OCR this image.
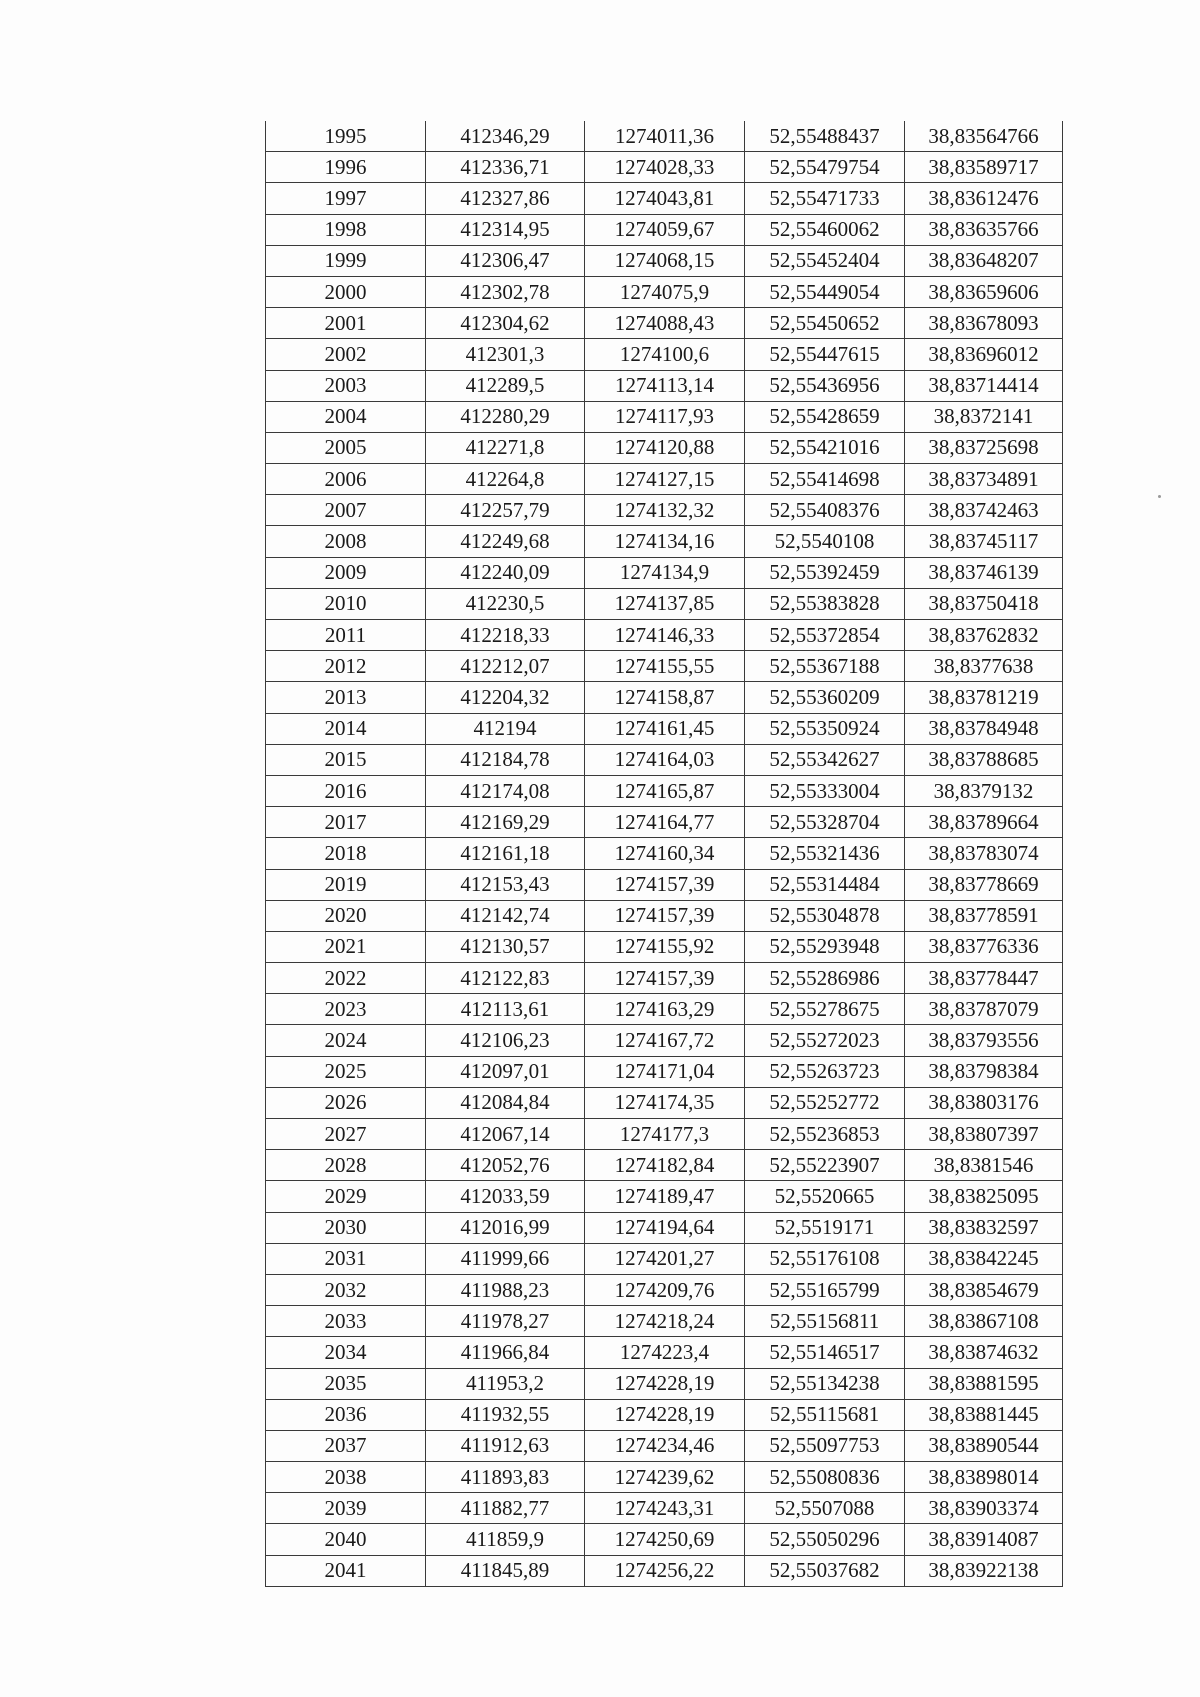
1995	412346,29	1274011,36	52,55488437	38,83564766
1996	412336,71	1274028,33	52,55479754	38,83589717
1997	412327,86	1274043,81	52,55471733	38,83612476
1998	412314,95	1274059,67	52,55460062	38,83635766
1999	412306,47	1274068,15	52,55452404	38,83648207
2000	412302,78	1274075,9	52,55449054	38,83659606
2001	412304,62	1274088,43	52,55450652	38,83678093
2002	412301,3	1274100,6	52,55447615	38,83696012
2003	412289,5	1274113,14	52,55436956	38,83714414
2004	412280,29	1274117,93	52,55428659	38,8372141
2005	412271,8	1274120,88	52,55421016	38,83725698
2006	412264,8	1274127,15	52,55414698	38,83734891
2007	412257,79	1274132,32	52,55408376	38,83742463
2008	412249,68	1274134,16	52,5540108	38,83745117
2009	412240,09	1274134,9	52,55392459	38,83746139
2010	412230,5	1274137,85	52,55383828	38,83750418
2011	412218,33	1274146,33	52,55372854	38,83762832
2012	412212,07	1274155,55	52,55367188	38,8377638
2013	412204,32	1274158,87	52,55360209	38,83781219
2014	412194	1274161,45	52,55350924	38,83784948
2015	412184,78	1274164,03	52,55342627	38,83788685
2016	412174,08	1274165,87	52,55333004	38,8379132
2017	412169,29	1274164,77	52,55328704	38,83789664
2018	412161,18	1274160,34	52,55321436	38,83783074
2019	412153,43	1274157,39	52,55314484	38,83778669
2020	412142,74	1274157,39	52,55304878	38,83778591
2021	412130,57	1274155,92	52,55293948	38,83776336
2022	412122,83	1274157,39	52,55286986	38,83778447
2023	412113,61	1274163,29	52,55278675	38,83787079
2024	412106,23	1274167,72	52,55272023	38,83793556
2025	412097,01	1274171,04	52,55263723	38,83798384
2026	412084,84	1274174,35	52,55252772	38,83803176
2027	412067,14	1274177,3	52,55236853	38,83807397
2028	412052,76	1274182,84	52,55223907	38,8381546
2029	412033,59	1274189,47	52,5520665	38,83825095
2030	412016,99	1274194,64	52,5519171	38,83832597
2031	411999,66	1274201,27	52,55176108	38,83842245
2032	411988,23	1274209,76	52,55165799	38,83854679
2033	411978,27	1274218,24	52,55156811	38,83867108
2034	411966,84	1274223,4	52,55146517	38,83874632
2035	411953,2	1274228,19	52,55134238	38,83881595
2036	411932,55	1274228,19	52,55115681	38,83881445
2037	411912,63	1274234,46	52,55097753	38,83890544
2038	411893,83	1274239,62	52,55080836	38,83898014
2039	411882,77	1274243,31	52,5507088	38,83903374
2040	411859,9	1274250,69	52,55050296	38,83914087
2041	411845,89	1274256,22	52,55037682	38,83922138
